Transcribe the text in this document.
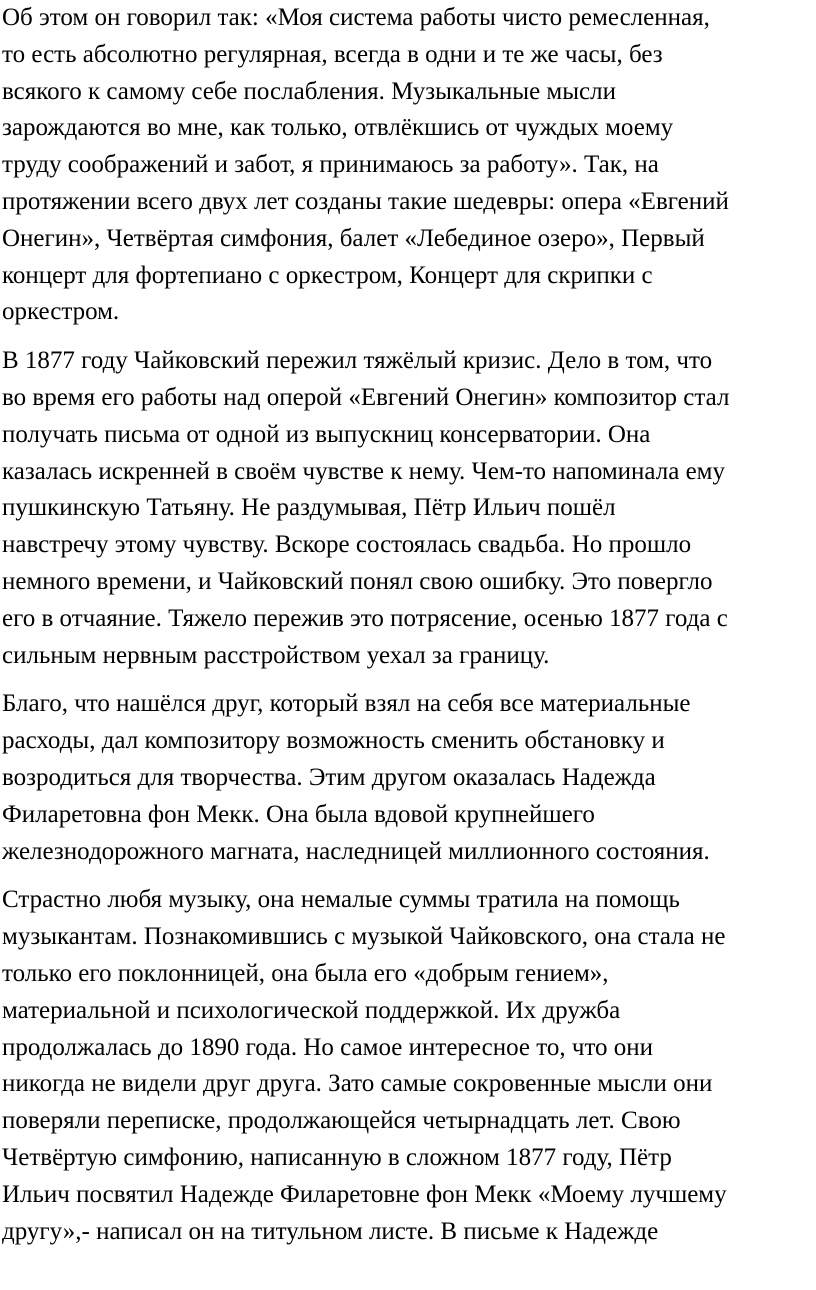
Об этом он говорил так: «Моя система работы чисто ремесленная,
то есть абсолютно регулярная, всегда в одни и те же часы, без
всякого к самому себе послабления. Музыкальные мысли
зарождаются во мне, как только, отвлёкшись от чуждых моему
труду соображений и забот, я принимаюсь за работу». Так, на
протяжении всего двух лет созданы такие шедевры: опера «Евгений
Онегин», Четвёртая симфония, балет «Лебединое озеро», Первый
концерт для фортепиано с оркестром, Концерт для скрипки с
оркестром.

В 1877 году Чайковский пережил тяжёлый кризис. Дело в том, что
во время его работы над оперой «Евгений Онегин» композитор стал
получать письма от одной из выпускниц консерватории. Она
казалась искренней в своём чувстве к нему. Чем-то напоминала ему
пушкинскую Татьяну. Не раздумывая, Пётр Ильич пошёл
навстречу этому чувству. Вскоре состоялась свадьба. Но прошло
немного времени, и Чайковский понял свою ошибку. Это повергло
его в отчаяние. Тяжело пережив это потрясение, осенью 1877 года с
сильным нервным расстройством уехал за границу.

Благо, что нашёлся друг, который взял на себя все материальные
расходы, дал композитору возможность сменить обстановку и
возродиться для творчества. Этим другом оказалась Надежда
Филаретовна фон Мекк. Она была вдовой крупнейшего
железнодорожного магната, наследницей миллионного состояния.

Страстно любя музыку, она немалые суммы тратила на помощь
музыкантам. Познакомившись с музыкой Чайковского, она стала не
только его поклонницей, она была его «добрым гением»,
материальной и психологической поддержкой. Их дружба
продолжалась до 1890 года. Но самое интересное то, что они
никогда не видели друг друга. Зато самые сокровенные мысли они
поверяли переписке, продолжающейся четырнадцать лет. Свою
Четвёртую симфонию, написанную в сложном 1877 году, Пётр
Ильич посвятил Надежде Филаретовне фон Мекк «Моему лучшему
другу»,- написал он на титульном листе. В письме к Надежде
